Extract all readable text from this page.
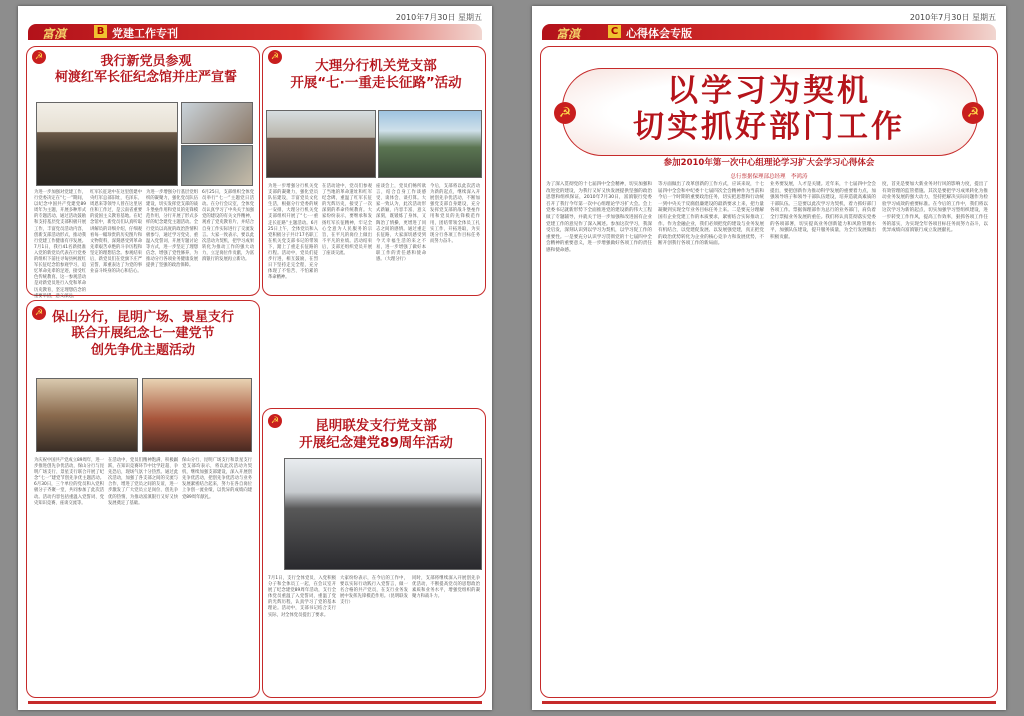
2010年7月30日 星期五
富滇	B 党建工作专刊
☭	我行新党员参观
柯渡红军长征纪念馆并庄严宣誓
为进一步加强对党建工作，行党委决定在“七一”期间，以纪念中国共产党建党89周年为主题，开展多种形式的专题活动。通过活动鼓励和支持基层党支部积极开展工作，丰富党员活动内容，创新支部活动形式，推动我行党建工作健康有序发展。7月1日，我行41名新批准入党的新党员代表在行党委的组织下前往寻甸县柯渡红军长征纪念馆参观学习，追忆革命先辈的足迹，接受红色传统教育。这一参观活动是对新党员进行入党和革命历史教育，坚定理想信念的重要举措，意义深远。
红军长征途中在这里创建中央红军总部旧址，毛泽东、周恩来等领导人曾在这里居住和工作过，是云南省重要的爱国主义教育基地。在纪念馆中，新党员们认真听取讲解员的详细介绍，仔细观看每一幅珍贵的历史图片和文物资料，深刻感受到革命先辈艰苦卓绝的斗争历程和坚定的理想信念。参观结束后，新党员们在党旗下庄严宣誓，郑重表达了为党的事业奋斗终身的决心和信心。
为进一步增强分行基层党组织的凝聚力，强化党员队伍建设，切实发挥党支部的战斗堡垒作用和党员的先锋模范作用，分行开展了形式多样的纪念建党主题活动。全行党员以高度的政治热情积极参与，通过学习党史、重温入党誓词、开展专题讨论等方式，进一步坚定了理想信念，增强了党性修养，为推动分行各项业务健康发展提供了坚强的政治保障。
6月25日，支部组织全体党员举行“七一”主题党日活动。在分行会议室，全体党员认真学习了中央关于加强党的建设的有关文件精神，观看了党史教育片，并结合自身工作实际进行了交流发言。大家一致表示，要以此次活动为契机，把学习成果转化为推动工作的强大动力，立足岗位作贡献，为富滇银行的发展再立新功。
☭
大理分行机关党支部
开展“七·一重走长征路”活动
为进一步增强分行机关党支部的凝聚力，强化党员队伍建设，丰富党员文化生活，根据分行党委的统一安排，大理分行机关党支部组织开展了“七·一重走长征路”主题活动。6月25日上午，全体党员和入党积极分子共计17名职工在机关党支部书记的带领下，踏上了重走长征路的行程。活动中，党员们徒步行进，相互鼓励，在烈日下坚持走完全程，充分体现了不怕苦、不怕累的革命精神。
在活动途中，党员们参观了当地的革命遗址和红军纪念碑，重温了红军长征的光辉历史，接受了一次深刻的革命传统教育。大家纷纷表示，要继承和发扬红军长征精神，牢记全心全意为人民服务的宗旨，在平凡的岗位上做出不平凡的业绩。活动结束后，支部还组织党员开展了座谈交流。
座谈会上，党员们畅所欲言，结合自身工作谈感受、谈体会、谈打算。大家一致认为，此次活动形式新颖、内容丰富、意义深刻，既锻炼了身体，又陶冶了情操，更增进了同志之间的感情。通过重走长征路，大家深切感受到今天幸福生活的来之不易，进一步增强了做好本职工作的责任感和使命感。（大理分行）
今后，支部将以此次活动为新的起点，继续深入开展创先争优活动，不断加强党支部自身建设，充分发挥党支部的战斗堡垒作用和党员的先锋模范作用，团结带领全体员工扎实工作、开拓进取，为实现分行各项工作目标任务而努力奋斗。
☭ 保山分行，昆明广场、景星支行
联合开展纪念七一建党节
创先争优主题活动
为庆祝中国共产党成立89周年，进一步推进创先争优活动，保山分行与昆明广场支行、景星支行联合开展了纪念“七一”建党节创先争优主题活动。6月30日，三个单位的党员和入党积极分子齐聚一堂，共同参加了此次活动。活动内容包括重温入党誓词、党史知识竞赛、座谈交流等。
在活动中，党员们精神饱满、积极踊跃，在知识竞赛环节中比学赶超、争先恐后，现场气氛十分热烈。通过此次活动，加强了各支部之间的交流与合作，增进了党员之间的友谊，进一步激发了广大党员立足岗位、创先争优的热情，为推动富滇银行又好又快发展奠定了基础。
保山分行、昆明广场支行和景星支行党支部均表示，将以此次活动为契机，继续加强支部建设，深入开展创先争优活动，把创先争优活动与业务发展紧密结合起来，努力在各自岗位上争创一流业绩，以优异的成绩向建党89周年献礼。
☭	昆明联发支行党支部
开展纪念建党89周年活动
7月1日，支行全体党员、入党积极分子和全体员工一起，在会议室开展了纪念建党89周年活动，支行全体党员重温了入党誓词，重温了党的光辉历程，认真学习了党的基本理论。活动中，支部书记结合支行实际，对全体党员提出了要求。
大家纷纷表示，在今后的工作中，要以实际行动践行入党誓言，做一名合格的共产党员，在支行业务发展中发挥先锋模范作用。（昆明联发支行）
同时，支部将继续深入开展创先争优活动，不断提高党员的思想政治素质和业务水平，增强党组织的凝聚力和战斗力。
2010年7月30日 星期五
富滇	C 心得体会专版
☭	☭
以学习为契机
切实抓好部门工作
参加2010年第一次中心组理论学习扩大会学习心得体会
总行票据保理部总经理　李鸿涛
为了深入贯彻党的十七届四中全会精神，切实加强和改进党的建设，为我行又好又快发展提供坚强的政治思想和组织保证，2010年7月30日，富滇银行党委召开了我行今年第一次中心组理论学习扩大会。会上党委书记就新形势下全面推进党的建设新的伟大工程做了专题辅导，并就关于进一步加强和改进国有企业党建工作的意见作了深入阐述。参加这次学习，我深受启发，深刻认识到以学习为契机，以学习促工作的重要性。一是要充分认识学习贯彻党的十七届四中全会精神的重要意义，进一步增强做好各项工作的责任感和使命感。
等方面做出了改革创新的工作方式，应该来说，十七届四中全会和中纪委十七届四次全会精神作为当前和今后一个时期的重要政治任务，切实把思想和行动统一到中央关于反腐倡廉建设的最新要求上来，把力量凝聚到实现全年业务目标任务上来。二是要充分理解国有企业党建工作的本质要求，紧密结合实际推动工作。作为金融企业，我们必须把党的建设与业务发展有机结合，以党建促发展、以发展强党建，真正把党的政治优势转化为企业的核心竞争力和发展优势，不断开创我行各项工作的新局面。
业务要发展，人才是关键。近年来，十七届四中全会提出，要把创新作为推动科学发展的重要着力点，加强领导班子和领导干部队伍建设，培养造就高素质的干部队伍。三是要以此次学习为契机，着力抓好部门各项工作。票据保理部作为总行的业务部门，肩负着全行票据业务发展的重任。我们将认真贯彻落实党委的各项部署，切实提高业务创新能力和风险管理水平，加强队伍建设，提升服务质量，为全行发展做出积极贡献。
度，首先是要加大新业务对行风的影响力度，提出了有效管理的监管措施。其次是要把学习成果转化为推动业务发展的强大动力，坚持把解决实际问题作为检验学习成效的重要标准。在今后的工作中，我们将以这次学习为新的起点，切实加强学习型组织建设，进一步转变工作作风，提高工作效率，狠抓各项工作任务的落实，为实现全年各项目标任务而努力奋斗，以优异成绩向富滇银行成立发展献礼。
